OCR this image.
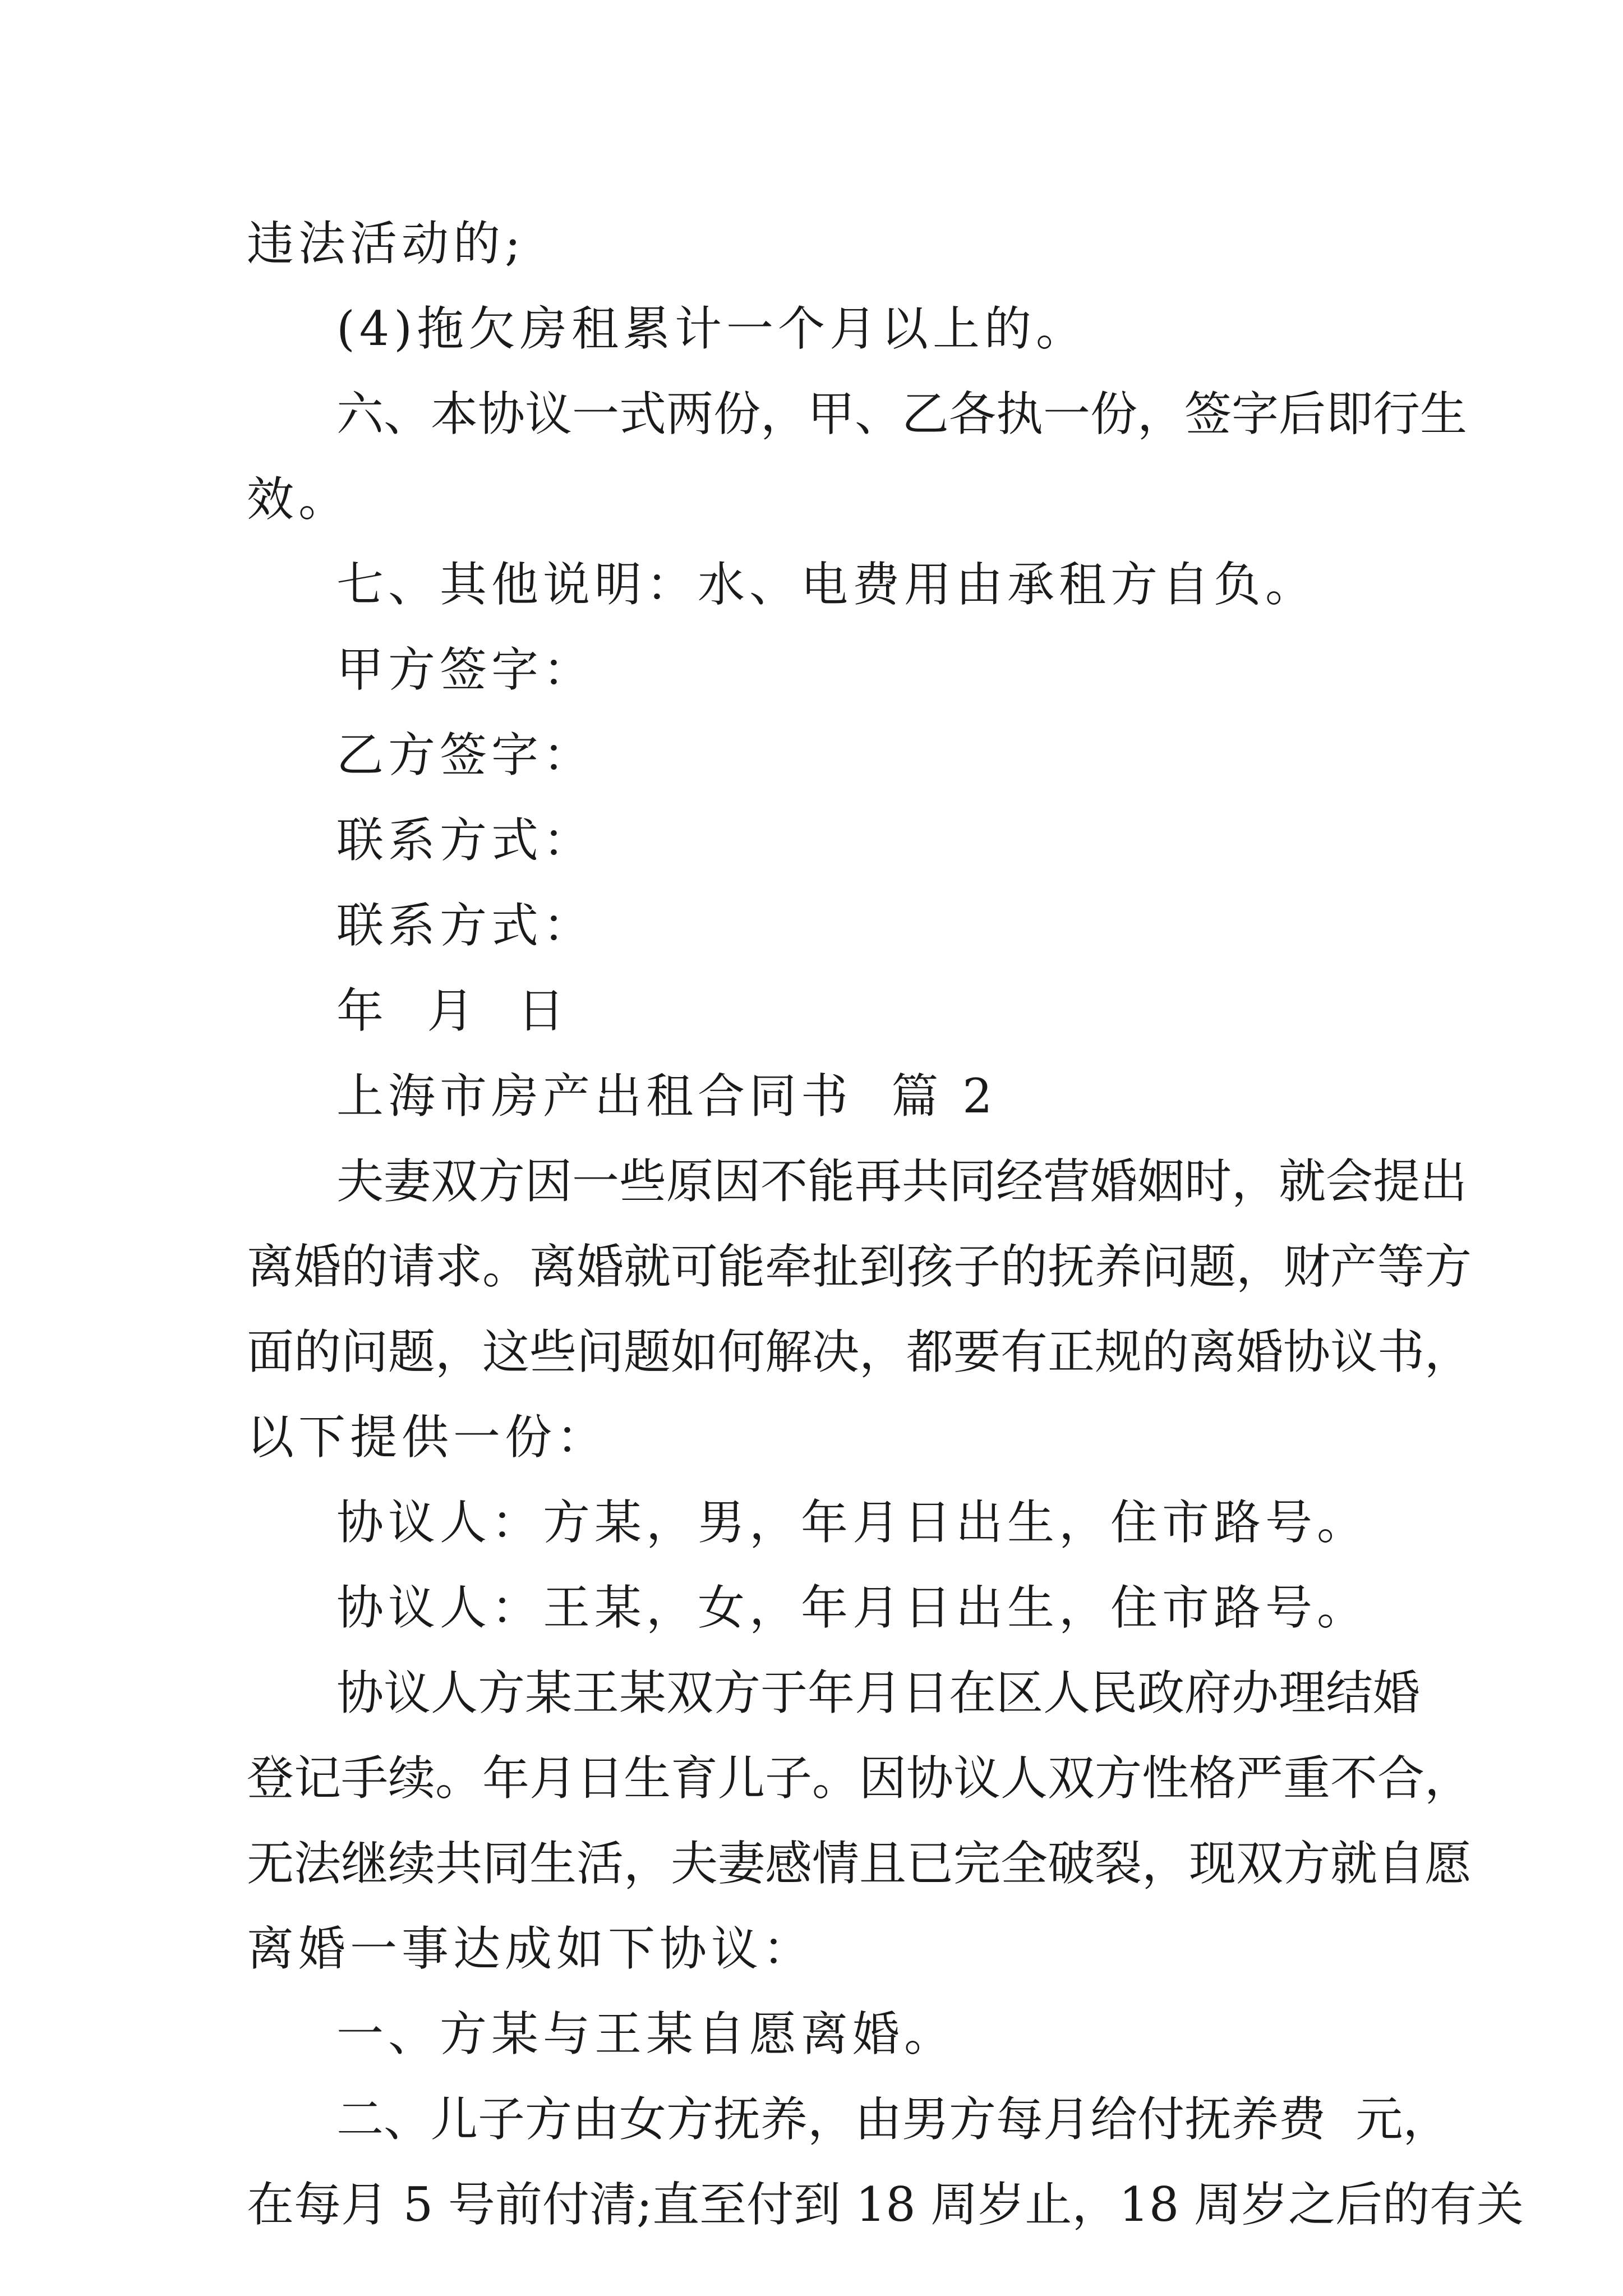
违法活动的;
(4)拖欠房租累计一个月以上的。
六、本协议一式两份，甲、乙各执一份，签字后即行生
效。
七、其他说明：水、电费用由承租方自负。
甲方签字：
乙方签字：
联系方式：
联系方式：
年  月  日
上海市房产出租合同书  篇 2
夫妻双方因一些原因不能再共同经营婚姻时，就会提出
离婚的请求。离婚就可能牵扯到孩子的抚养问题，财产等方
面的问题，这些问题如何解决，都要有正规的离婚协议书，
以下提供一份：
协议人：方某，男，年月日出生，住市路号。
协议人：王某，女，年月日出生，住市路号。
协议人方某王某双方于年月日在区人民政府办理结婚
登记手续。年月日生育儿子。因协议人双方性格严重不合，
无法继续共同生活，夫妻感情且已完全破裂，现双方就自愿
离婚一事达成如下协议：
一、方某与王某自愿离婚。
二、儿子方由女方抚养，由男方每月给付抚养费  元，
在每月 5 号前付清;直至付到 18 周岁止，18 周岁之后的有关
